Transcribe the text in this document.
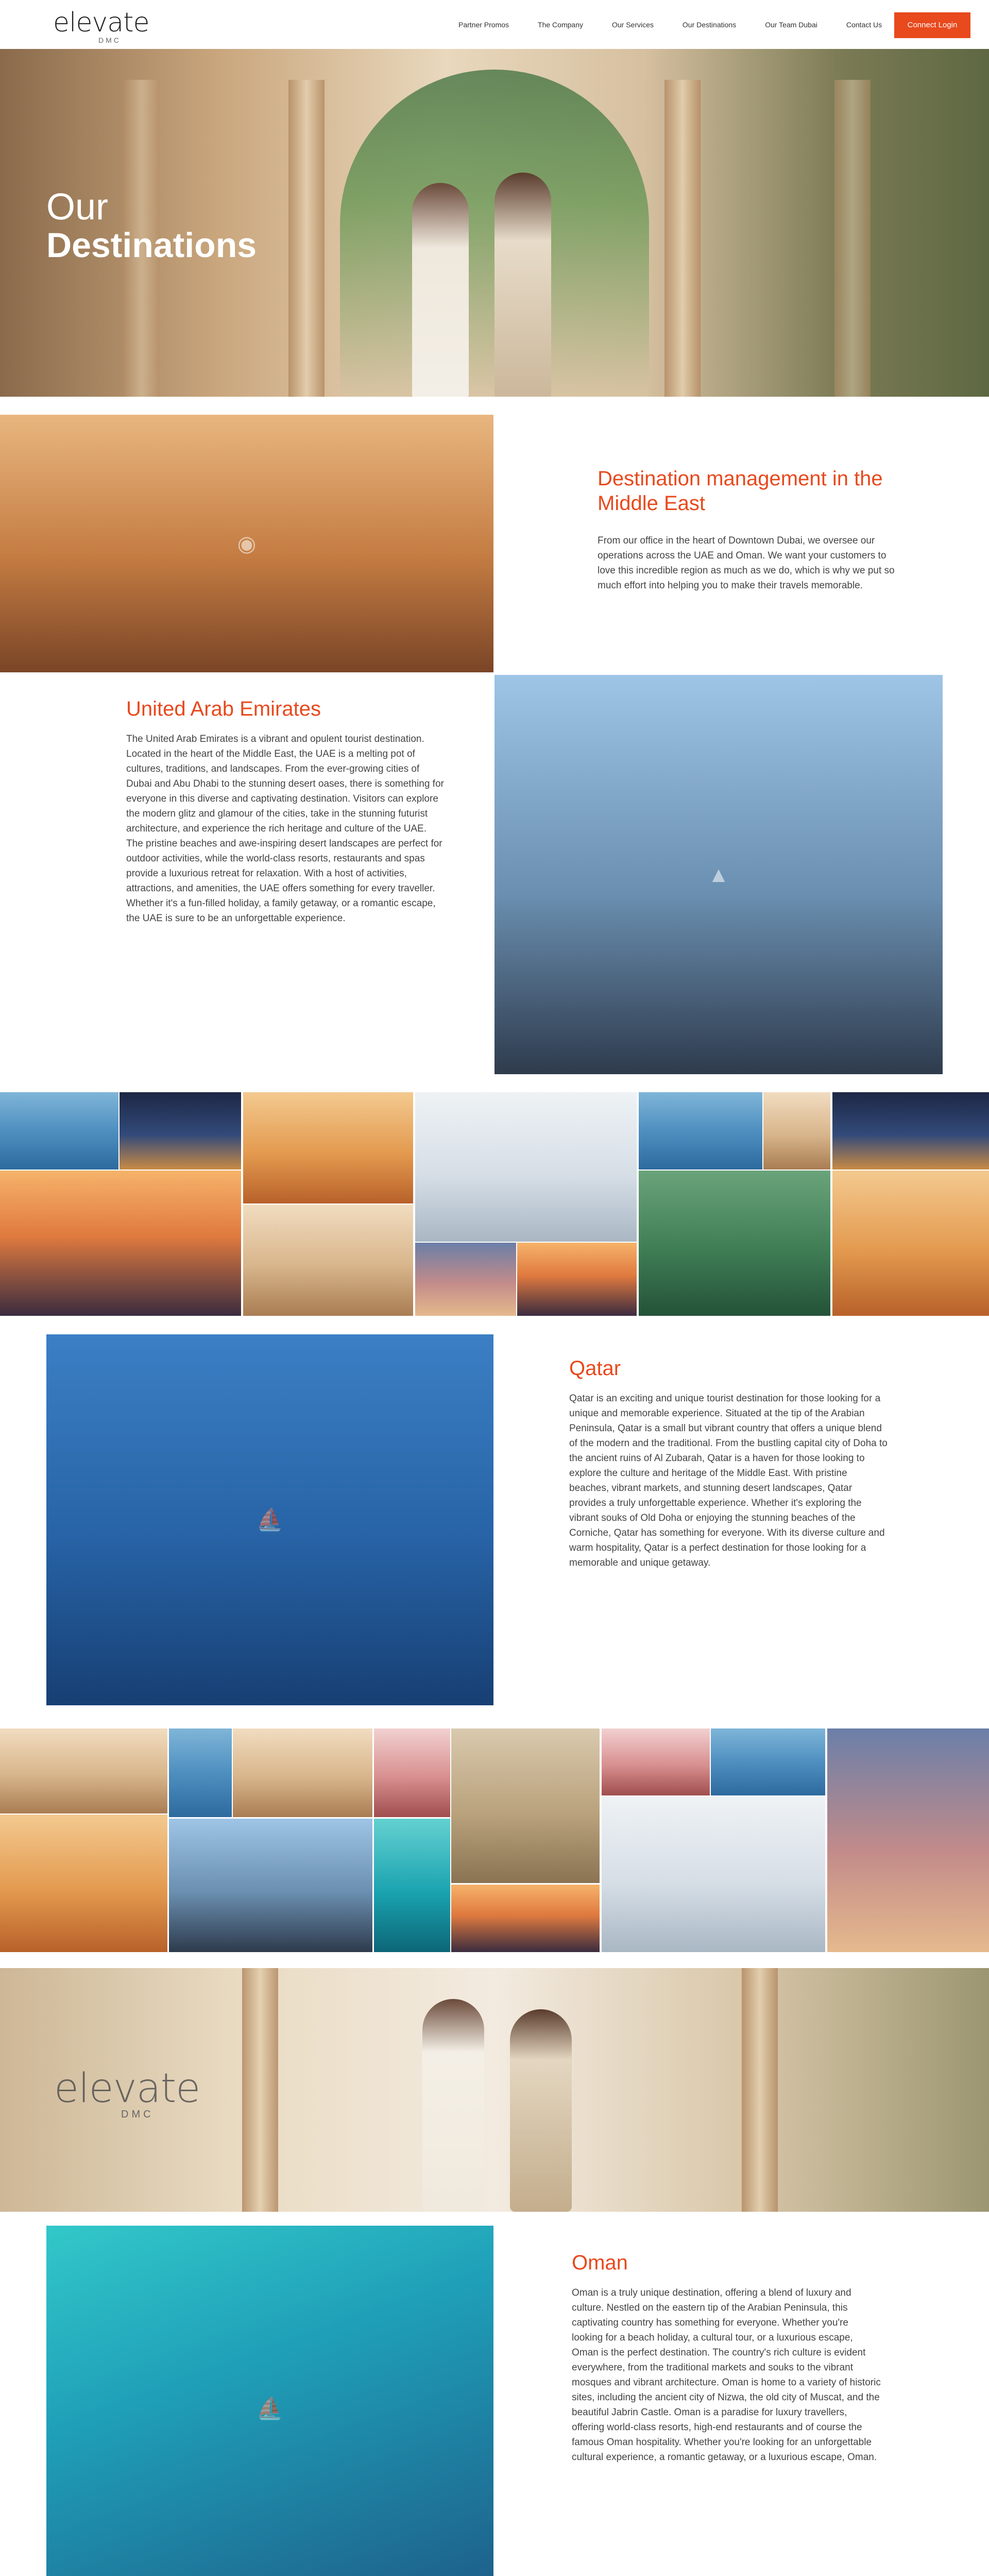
elevate
DMC
Partner Promos	The Company	Our Services	Our Destinations	Our Team Dubai	Contact Us	Connect Login
Our
Destinations
◉
Destination management in the Middle East
From our office in the heart of Downtown Dubai, we oversee our operations across the UAE and Oman. We want your customers to love this incredible region as much as we do, which is why we put so much effort into helping you to make their travels memorable.
United Arab Emirates
The United Arab Emirates is a vibrant and opulent tourist destination. Located in the heart of the Middle East, the UAE is a melting pot of cultures, traditions, and landscapes. From the ever-growing cities of Dubai and Abu Dhabi to the stunning desert oases, there is something for everyone in this diverse and captivating destination. Visitors can explore the modern glitz and glamour of the cities, take in the stunning futurist architecture, and experience the rich heritage and culture of the UAE. The pristine beaches and awe-inspiring desert landscapes are perfect for outdoor activities, while the world-class resorts, restaurants and spas provide a luxurious retreat for relaxation. With a host of activities, attractions, and amenities, the UAE offers something for every traveller. Whether it's a fun-filled holiday, a family getaway, or a romantic escape, the UAE is sure to be an unforgettable experience.
▲
⛵
Qatar
Qatar is an exciting and unique tourist destination for those looking for a unique and memorable experience. Situated at the tip of the Arabian Peninsula, Qatar is a small but vibrant country that offers a unique blend of the modern and the traditional. From the bustling capital city of Doha to the ancient ruins of Al Zubarah, Qatar is a haven for those looking to explore the culture and heritage of the Middle East. With pristine beaches, vibrant markets, and stunning desert landscapes, Qatar provides a truly unforgettable experience. Whether it's exploring the vibrant souks of Old Doha or enjoying the stunning beaches of the Corniche, Qatar has something for everyone. With its diverse culture and warm hospitality, Qatar is a perfect destination for those looking for a memorable and unique getaway.
elevate
DMC
⛵
Oman
Oman is a truly unique destination, offering a blend of luxury and culture. Nestled on the eastern tip of the Arabian Peninsula, this captivating country has something for everyone. Whether you're looking for a beach holiday, a cultural tour, or a luxurious escape, Oman is the perfect destination. The country's rich culture is evident everywhere, from the traditional markets and souks to the vibrant mosques and vibrant architecture. Oman is home to a variety of historic sites, including the ancient city of Nizwa, the old city of Muscat, and the beautiful Jabrin Castle. Oman is a paradise for luxury travellers, offering world-class resorts, high-end restaurants and of course the famous Oman hospitality. Whether you're looking for an unforgettable cultural experience, a romantic getaway, or a luxurious escape, Oman.
